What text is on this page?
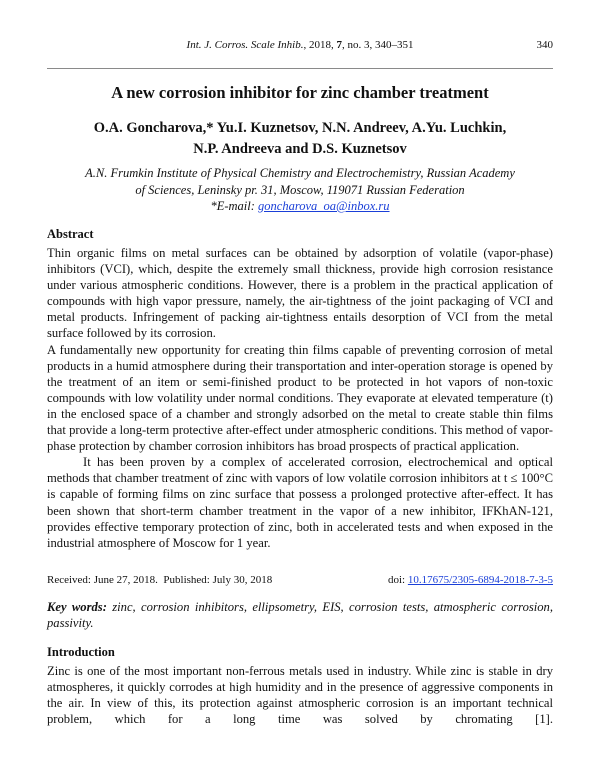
Int. J. Corros. Scale Inhib., 2018, 7, no. 3, 340–351	340
A new corrosion inhibitor for zinc chamber treatment
O.A. Goncharova,* Yu.I. Kuznetsov, N.N. Andreev, A.Yu. Luchkin,
N.P. Andreeva and D.S. Kuznetsov
A.N. Frumkin Institute of Physical Chemistry and Electrochemistry, Russian Academy
of Sciences, Leninsky pr. 31, Moscow, 119071 Russian Federation
*E-mail: goncharova_oa@inbox.ru
Abstract

Thin organic films on metal surfaces can be obtained by adsorption of volatile (vapor-phase) inhibitors (VCI), which, despite the extremely small thickness, provide high corrosion resistance under various atmospheric conditions. However, there is a problem in the practical application of compounds with high vapor pressure, namely, the air-tightness of the joint packaging of VCI and metal products. Infringement of packing air-tightness entails desorption of VCI from the metal surface followed by its corrosion.

A fundamentally new opportunity for creating thin films capable of preventing corrosion of metal products in a humid atmosphere during their transportation and inter-operation storage is opened by the treatment of an item or semi-finished product to be protected in hot vapors of non-toxic compounds with low volatility under normal conditions. They evaporate at elevated temperature (t) in the enclosed space of a chamber and strongly adsorbed on the metal to create stable thin films that provide a long-term protective after-effect under atmospheric conditions. This method of vapor-phase protection by chamber corrosion inhibitors has broad prospects of practical application.

It has been proven by a complex of accelerated corrosion, electrochemical and optical methods that chamber treatment of zinc with vapors of low volatile corrosion inhibitors at t ≤ 100°C is capable of forming films on zinc surface that possess a prolonged protective after-effect. It has been shown that short-term chamber treatment in the vapor of a new inhibitor, IFKhAN-121, provides effective temporary protection of zinc, both in accelerated tests and when exposed in the industrial atmosphere of Moscow for 1 year.

Received: June 27, 2018. Published: July 30, 2018	doi: 10.17675/2305-6894-2018-7-3-5
Key words: zinc, corrosion inhibitors, ellipsometry, EIS, corrosion tests, atmospheric corrosion, passivity.
Introduction

Zinc is one of the most important non-ferrous metals used in industry. While zinc is stable in dry atmospheres, it quickly corrodes at high humidity and in the presence of aggressive components in the air. In view of this, its protection against atmospheric corrosion is an important technical problem, which for a long time was solved by chromating [1].
